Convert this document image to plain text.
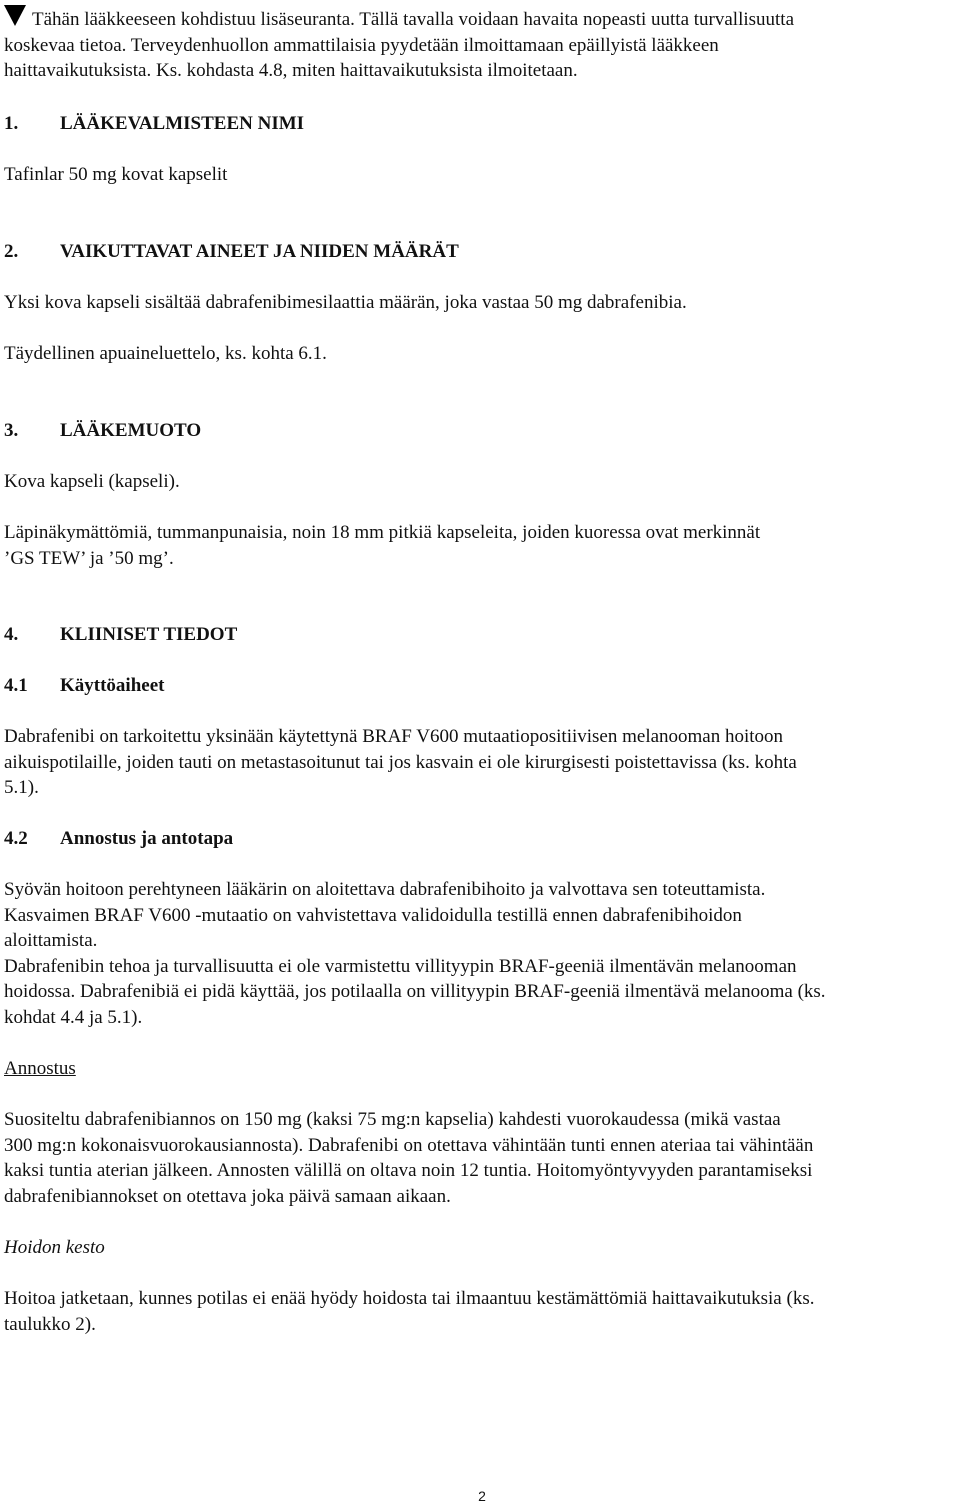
Tähän lääkkeeseen kohdistuu lisäseuranta. Tällä tavalla voidaan havaita nopeasti uutta turvallisuutta
koskevaa tietoa. Terveydenhuollon ammattilaisia pyydetään ilmoittamaan epäillyistä lääkkeen
haittavaikutuksista. Ks. kohdasta 4.8, miten haittavaikutuksista ilmoitetaan.

1. LÄÄKEVALMISTEEN NIMI

Tafinlar 50 mg kovat kapselit

2. VAIKUTTAVAT AINEET JA NIIDEN MÄÄRÄT

Yksi kova kapseli sisältää dabrafenibimesilaattia määrän, joka vastaa 50 mg dabrafenibia.

Täydellinen apuaineluettelo, ks. kohta 6.1.

3. LÄÄKEMUOTO

Kova kapseli (kapseli).

Läpinäkymättömiä, tummanpunaisia, noin 18 mm pitkiä kapseleita, joiden kuoressa ovat merkinnät
’GS TEW’ ja ’50 mg’.

4. KLIINISET TIEDOT

4.1 Käyttöaiheet

Dabrafenibi on tarkoitettu yksinään käytettynä BRAF V600 mutaatiopositiivisen melanooman hoitoon
aikuispotilaille, joiden tauti on metastasoitunut tai jos kasvain ei ole kirurgisesti poistettavissa (ks. kohta
5.1).

4.2 Annostus ja antotapa

Syövän hoitoon perehtyneen lääkärin on aloitettava dabrafenibihoito ja valvottava sen toteuttamista.
Kasvaimen BRAF V600 -mutaatio on vahvistettava validoidulla testillä ennen dabrafenibihoidon
aloittamista.
Dabrafenibin tehoa ja turvallisuutta ei ole varmistettu villityypin BRAF-geeniä ilmentävän melanooman
hoidossa. Dabrafenibiä ei pidä käyttää, jos potilaalla on villityypin BRAF-geeniä ilmentävä melanooma (ks.
kohdat 4.4 ja 5.1).

Annostus

Suositeltu dabrafenibiannos on 150 mg (kaksi 75 mg:n kapselia) kahdesti vuorokaudessa (mikä vastaa
300 mg:n kokonaisvuorokausiannosta). Dabrafenibi on otettava vähintään tunti ennen ateriaa tai vähintään
kaksi tuntia aterian jälkeen. Annosten välillä on oltava noin 12 tuntia. Hoitomyöntyvyyden parantamiseksi
dabrafenibiannokset on otettava joka päivä samaan aikaan.

Hoidon kesto

Hoitoa jatketaan, kunnes potilas ei enää hyödy hoidosta tai ilmaantuu kestämättömiä haittavaikutuksia (ks.
taulukko 2).

2
